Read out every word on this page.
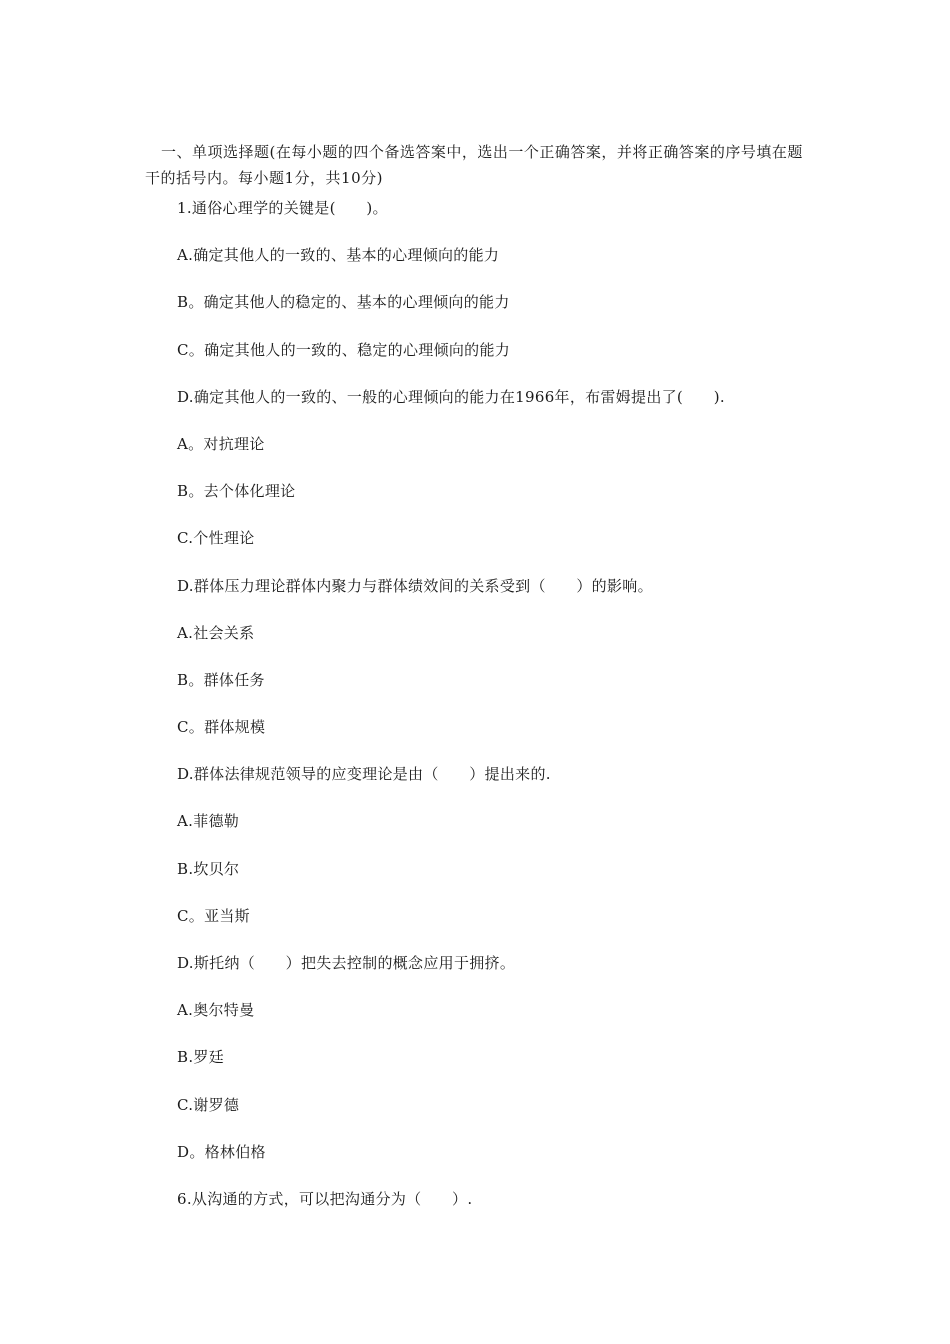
一、单项选择题(在每小题的四个备选答案中，选出一个正确答案，并将正确答案的序号填在题干的括号内。每小题1分，共10分)

1.通俗心理学的关键是(　　)。
A.确定其他人的一致的、基本的心理倾向的能力
B。确定其他人的稳定的、基本的心理倾向的能力
C。确定其他人的一致的、稳定的心理倾向的能力
D.确定其他人的一致的、一般的心理倾向的能力在1966年，布雷姆提出了(　　).
A。对抗理论
B。去个体化理论
C.个性理论
D.群体压力理论群体内聚力与群体绩效间的关系受到（　　）的影响。
A.社会关系
B。群体任务
C。群体规模
D.群体法律规范领导的应变理论是由（　　）提出来的.
A.菲德勒
B.坎贝尔
C。亚当斯
D.斯托纳（　　）把失去控制的概念应用于拥挤。
A.奥尔特曼
B.罗廷
C.谢罗德
D。格林伯格
6.从沟通的方式，可以把沟通分为（　　）.
